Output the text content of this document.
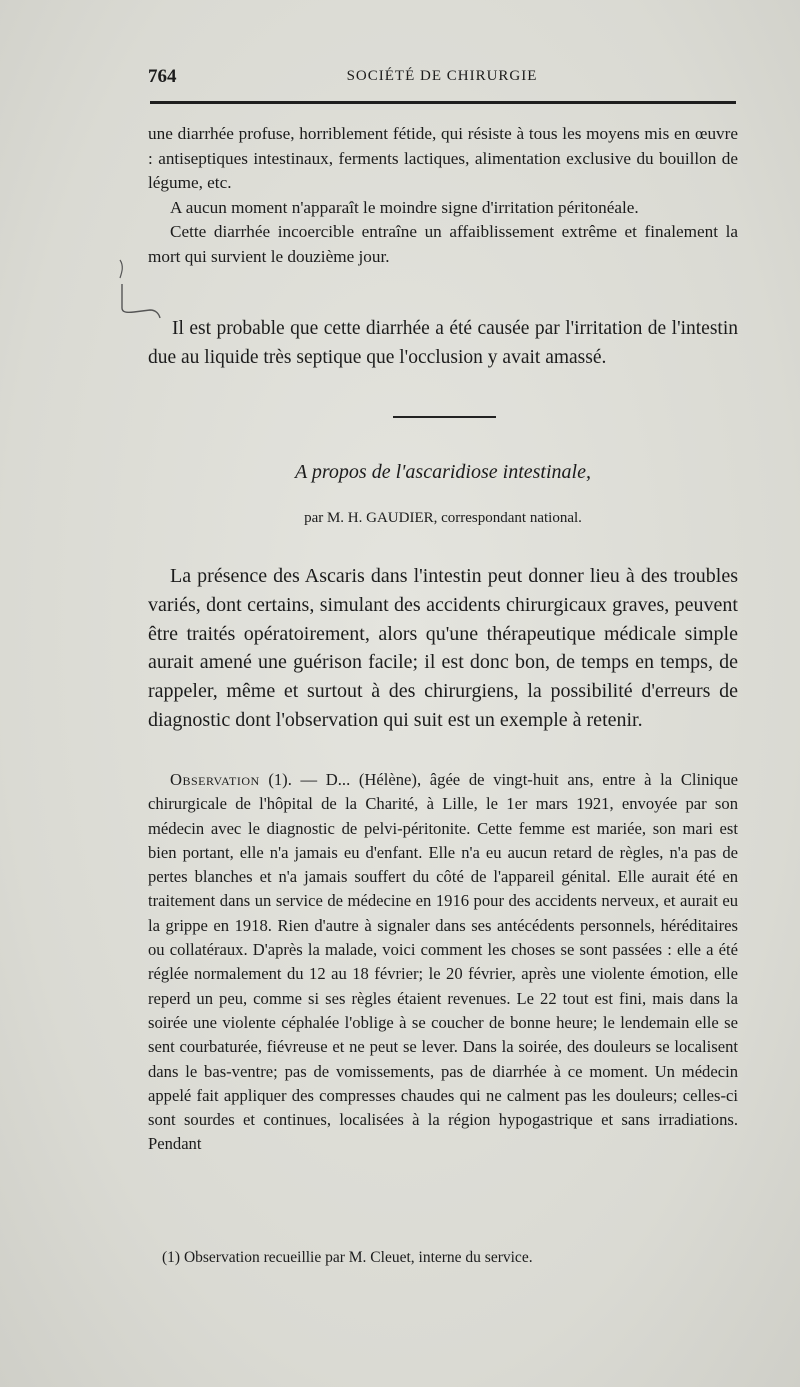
764	SOCIÉTÉ DE CHIRURGIE

une diarrhée profuse, horriblement fétide, qui résiste à tous les moyens mis en œuvre : antiseptiques intestinaux, ferments lactiques, alimentation exclusive du bouillon de légume, etc.

A aucun moment n'apparaît le moindre signe d'irritation péritonéale.

Cette diarrhée incoercible entraîne un affaiblissement extrême et finalement la mort qui survient le douzième jour.

Il est probable que cette diarrhée a été causée par l'irritation de l'intestin due au liquide très septique que l'occlusion y avait amassé.

A propos de l'ascaridiose intestinale,
par M. H. GAUDIER, correspondant national.

La présence des Ascaris dans l'intestin peut donner lieu à des troubles variés, dont certains, simulant des accidents chirurgicaux graves, peuvent être traités opératoirement, alors qu'une thérapeutique médicale simple aurait amené une guérison facile; il est donc bon, de temps en temps, de rappeler, même et surtout à des chirurgiens, la possibilité d'erreurs de diagnostic dont l'observation qui suit est un exemple à retenir.

Observation (1). — D... (Hélène), âgée de vingt-huit ans, entre à la Clinique chirurgicale de l'hôpital de la Charité, à Lille, le 1er mars 1921, envoyée par son médecin avec le diagnostic de pelvi-péritonite. Cette femme est mariée, son mari est bien portant, elle n'a jamais eu d'enfant. Elle n'a eu aucun retard de règles, n'a pas de pertes blanches et n'a jamais souffert du côté de l'appareil génital. Elle aurait été en traitement dans un service de médecine en 1916 pour des accidents nerveux, et aurait eu la grippe en 1918. Rien d'autre à signaler dans ses antécédents personnels, héréditaires ou collatéraux. D'après la malade, voici comment les choses se sont passées : elle a été réglée normalement du 12 au 18 février; le 20 février, après une violente émotion, elle reperd un peu, comme si ses règles étaient revenues. Le 22 tout est fini, mais dans la soirée une violente céphalée l'oblige à se coucher de bonne heure; le lendemain elle se sent courbaturée, fiévreuse et ne peut se lever. Dans la soirée, des douleurs se localisent dans le bas-ventre; pas de vomissements, pas de diarrhée à ce moment. Un médecin appelé fait appliquer des compresses chaudes qui ne calment pas les douleurs; celles-ci sont sourdes et continues, localisées à la région hypogastrique et sans irradiations. Pendant

(1) Observation recueillie par M. Cleuet, interne du service.
